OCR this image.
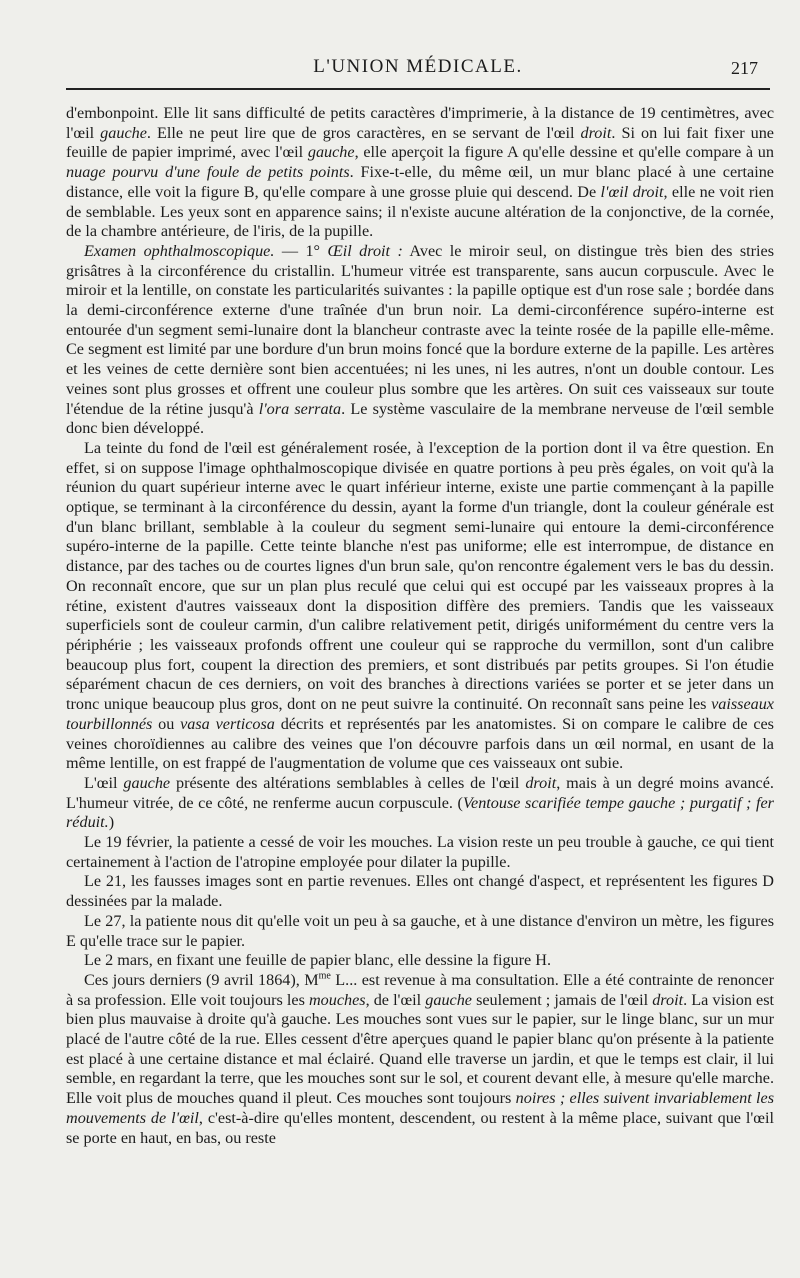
L'UNION MÉDICALE.	217

d'embonpoint. Elle lit sans difficulté de petits caractères d'imprimerie, à la distance de 19 centimètres, avec l'œil gauche. Elle ne peut lire que de gros caractères, en se servant de l'œil droit. Si on lui fait fixer une feuille de papier imprimé, avec l'œil gauche, elle aperçoit la figure A qu'elle dessine et qu'elle compare à un nuage pourvu d'une foule de petits points. Fixe-t-elle, du même œil, un mur blanc placé à une certaine distance, elle voit la figure B, qu'elle compare à une grosse pluie qui descend. De l'œil droit, elle ne voit rien de semblable. Les yeux sont en apparence sains; il n'existe aucune altération de la conjonctive, de la cornée, de la chambre antérieure, de l'iris, de la pupille.

Examen ophthalmoscopique. — 1° Œil droit : Avec le miroir seul, on distingue très bien des stries grisâtres à la circonférence du cristallin. L'humeur vitrée est transparente, sans aucun corpuscule. Avec le miroir et la lentille, on constate les particularités suivantes : la papille optique est d'un rose sale ; bordée dans la demi-circonférence externe d'une traînée d'un brun noir. La demi-circonférence supéro-interne est entourée d'un segment semi-lunaire dont la blancheur contraste avec la teinte rosée de la papille elle-même. Ce segment est limité par une bordure d'un brun moins foncé que la bordure externe de la papille. Les artères et les veines de cette dernière sont bien accentuées; ni les unes, ni les autres, n'ont un double contour. Les veines sont plus grosses et offrent une couleur plus sombre que les artères. On suit ces vaisseaux sur toute l'étendue de la rétine jusqu'à l'ora serrata. Le système vasculaire de la membrane nerveuse de l'œil semble donc bien développé.

La teinte du fond de l'œil est généralement rosée, à l'exception de la portion dont il va être question. En effet, si on suppose l'image ophthalmoscopique divisée en quatre portions à peu près égales, on voit qu'à la réunion du quart supérieur interne avec le quart inférieur interne, existe une partie commençant à la papille optique, se terminant à la circonférence du dessin, ayant la forme d'un triangle, dont la couleur générale est d'un blanc brillant, semblable à la couleur du segment semi-lunaire qui entoure la demi-circonférence supéro-interne de la papille. Cette teinte blanche n'est pas uniforme; elle est interrompue, de distance en distance, par des taches ou de courtes lignes d'un brun sale, qu'on rencontre également vers le bas du dessin. On reconnaît encore, que sur un plan plus reculé que celui qui est occupé par les vaisseaux propres à la rétine, existent d'autres vaisseaux dont la disposition diffère des premiers. Tandis que les vaisseaux superficiels sont de couleur carmin, d'un calibre relativement petit, dirigés uniformément du centre vers la périphérie ; les vaisseaux profonds offrent une couleur qui se rapproche du vermillon, sont d'un calibre beaucoup plus fort, coupent la direction des premiers, et sont distribués par petits groupes. Si l'on étudie séparément chacun de ces derniers, on voit des branches à directions variées se porter et se jeter dans un tronc unique beaucoup plus gros, dont on ne peut suivre la continuité. On reconnaît sans peine les vaisseaux tourbillonnés ou vasa verticosa décrits et représentés par les anatomistes. Si on compare le calibre de ces veines choroïdiennes au calibre des veines que l'on découvre parfois dans un œil normal, en usant de la même lentille, on est frappé de l'augmentation de volume que ces vaisseaux ont subie.

L'œil gauche présente des altérations semblables à celles de l'œil droit, mais à un degré moins avancé. L'humeur vitrée, de ce côté, ne renferme aucun corpuscule. (Ventouse scarifiée tempe gauche ; purgatif ; fer réduit.)

Le 19 février, la patiente a cessé de voir les mouches. La vision reste un peu trouble à gauche, ce qui tient certainement à l'action de l'atropine employée pour dilater la pupille.

Le 21, les fausses images sont en partie revenues. Elles ont changé d'aspect, et représentent les figures D dessinées par la malade.

Le 27, la patiente nous dit qu'elle voit un peu à sa gauche, et à une distance d'environ un mètre, les figures E qu'elle trace sur le papier.

Le 2 mars, en fixant une feuille de papier blanc, elle dessine la figure H.

Ces jours derniers (9 avril 1864), $M^{me}$ L... est revenue à ma consultation. Elle a été contrainte de renoncer à sa profession. Elle voit toujours les mouches, de l'œil gauche seulement ; jamais de l'œil droit. La vision est bien plus mauvaise à droite qu'à gauche. Les mouches sont vues sur le papier, sur le linge blanc, sur un mur placé de l'autre côté de la rue. Elles cessent d'être aperçues quand le papier blanc qu'on présente à la patiente est placé à une certaine distance et mal éclairé. Quand elle traverse un jardin, et que le temps est clair, il lui semble, en regardant la terre, que les mouches sont sur le sol, et courent devant elle, à mesure qu'elle marche. Elle voit plus de mouches quand il pleut. Ces mouches sont toujours noires ; elles suivent invariablement les mouvements de l'œil, c'est-à-dire qu'elles montent, descendent, ou restent à la même place, suivant que l'œil se porte en haut, en bas, ou reste
